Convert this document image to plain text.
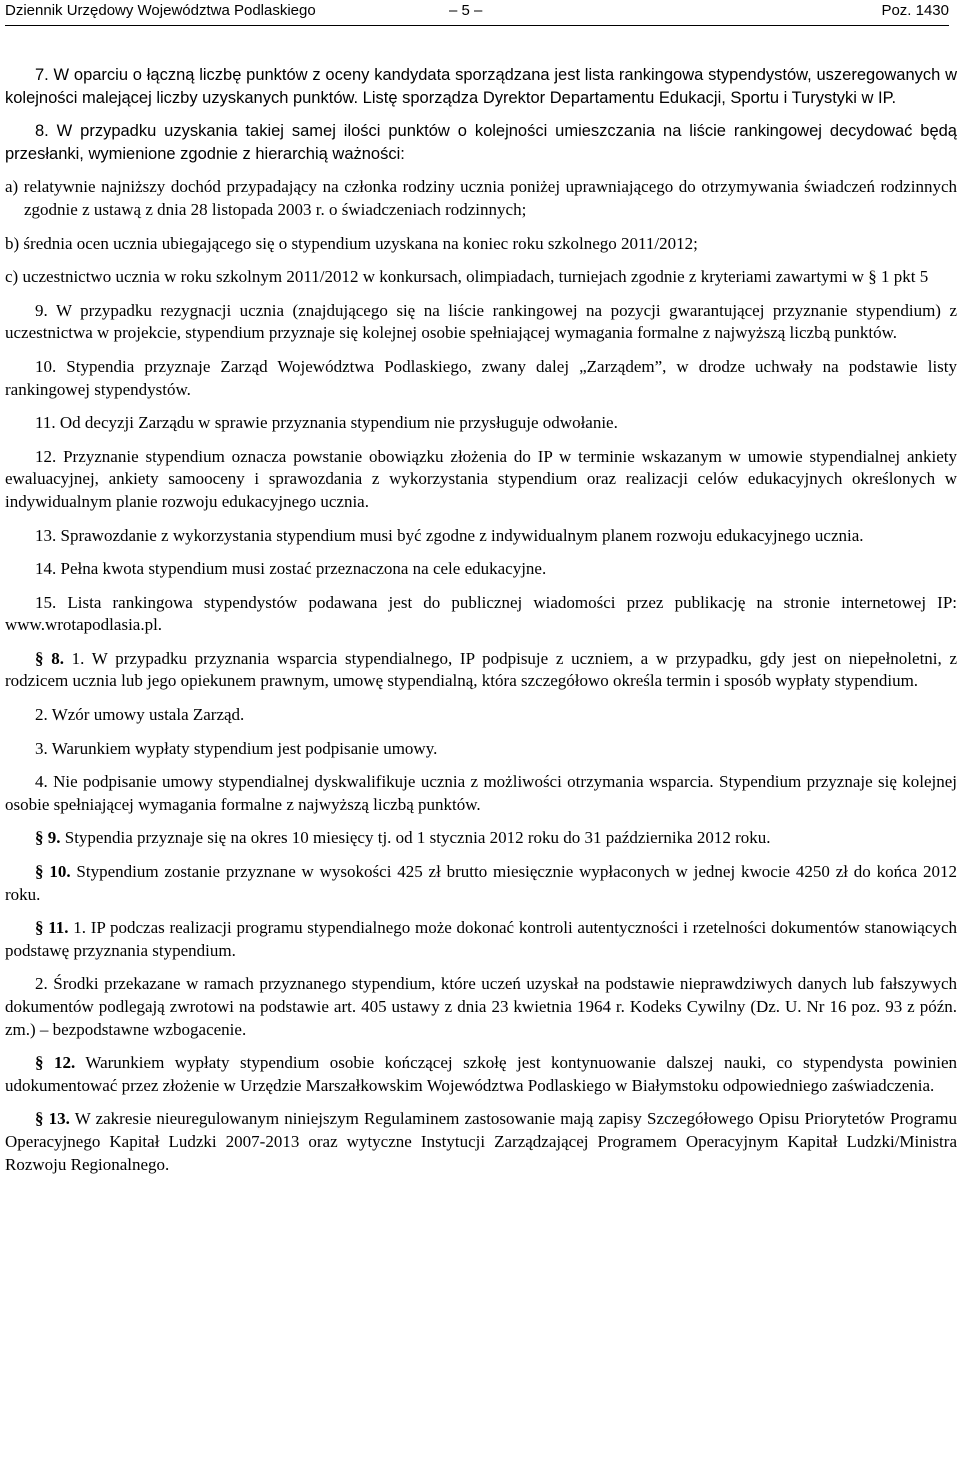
Dziennik Urzędowy Województwa Podlaskiego	– 5 –	Poz. 1430

7. W oparciu o łączną liczbę punktów z oceny kandydata sporządzana jest lista rankingowa stypendystów, uszeregowanych w kolejności malejącej liczby uzyskanych punktów. Listę sporządza Dyrektor Departamentu Edukacji, Sportu i Turystyki w IP.

8. W przypadku uzyskania takiej samej ilości punktów o kolejności umieszczania na liście rankingowej decydować będą przesłanki, wymienione zgodnie z hierarchią ważności:

a) relatywnie najniższy dochód przypadający na członka rodziny ucznia poniżej uprawniającego do otrzymywania świadczeń rodzinnych zgodnie z ustawą z dnia 28 listopada 2003 r. o świadczeniach rodzinnych;

b) średnia ocen ucznia ubiegającego się o stypendium uzyskana na koniec roku szkolnego 2011/2012;

c) uczestnictwo ucznia w roku szkolnym 2011/2012 w konkursach, olimpiadach, turniejach zgodnie z kryteriami zawartymi w § 1 pkt 5

9. W przypadku rezygnacji ucznia (znajdującego się na liście rankingowej na pozycji gwarantującej przyznanie stypendium) z uczestnictwa w projekcie, stypendium przyznaje się kolejnej osobie spełniającej wymagania formalne z najwyższą liczbą punktów.

10. Stypendia przyznaje Zarząd Województwa Podlaskiego, zwany dalej „Zarządem”, w drodze uchwały na podstawie listy rankingowej stypendystów.

11. Od decyzji Zarządu w sprawie przyznania stypendium nie przysługuje odwołanie.

12. Przyznanie stypendium oznacza powstanie obowiązku złożenia do IP w terminie wskazanym w umowie stypendialnej ankiety ewaluacyjnej, ankiety samooceny i sprawozdania z wykorzystania stypendium oraz realizacji celów edukacyjnych określonych w indywidualnym planie rozwoju edukacyjnego ucznia.

13. Sprawozdanie z wykorzystania stypendium musi być zgodne z indywidualnym planem rozwoju edukacyjnego ucznia.

14. Pełna kwota stypendium musi zostać przeznaczona na cele edukacyjne.

15. Lista rankingowa stypendystów podawana jest do publicznej wiadomości przez publikację na stronie internetowej IP: www.wrotapodlasia.pl.

§ 8. 1. W przypadku przyznania wsparcia stypendialnego, IP podpisuje z uczniem, a w przypadku, gdy jest on niepełnoletni, z rodzicem ucznia lub jego opiekunem prawnym, umowę stypendialną, która szczegółowo określa termin i sposób wypłaty stypendium.

2. Wzór umowy ustala Zarząd.

3. Warunkiem wypłaty stypendium jest podpisanie umowy.

4. Nie podpisanie umowy stypendialnej dyskwalifikuje ucznia z możliwości otrzymania wsparcia. Stypendium przyznaje się kolejnej osobie spełniającej wymagania formalne z najwyższą liczbą punktów.

§ 9. Stypendia przyznaje się na okres 10 miesięcy tj. od 1 stycznia 2012 roku do 31 października 2012 roku.

§ 10. Stypendium zostanie przyznane w wysokości 425 zł brutto miesięcznie wypłaconych w jednej kwocie 4250 zł do końca 2012 roku.

§ 11. 1. IP podczas realizacji programu stypendialnego może dokonać kontroli autentyczności i rzetelności dokumentów stanowiących podstawę przyznania stypendium.

2. Środki przekazane w ramach przyznanego stypendium, które uczeń uzyskał na podstawie nieprawdziwych danych lub fałszywych dokumentów podlegają zwrotowi na podstawie art. 405 ustawy z dnia 23 kwietnia 1964 r. Kodeks Cywilny (Dz. U. Nr 16 poz. 93 z późn. zm.) – bezpodstawne wzbogacenie.

§ 12. Warunkiem wypłaty stypendium osobie kończącej szkołę jest kontynuowanie dalszej nauki, co stypendysta powinien udokumentować przez złożenie w Urzędzie Marszałkowskim Województwa Podlaskiego w Białymstoku odpowiedniego zaświadczenia.

§ 13. W zakresie nieuregulowanym niniejszym Regulaminem zastosowanie mają zapisy Szczegółowego Opisu Priorytetów Programu Operacyjnego Kapitał Ludzki 2007-2013 oraz wytyczne Instytucji Zarządzającej Programem Operacyjnym Kapitał Ludzki/Ministra Rozwoju Regionalnego.
